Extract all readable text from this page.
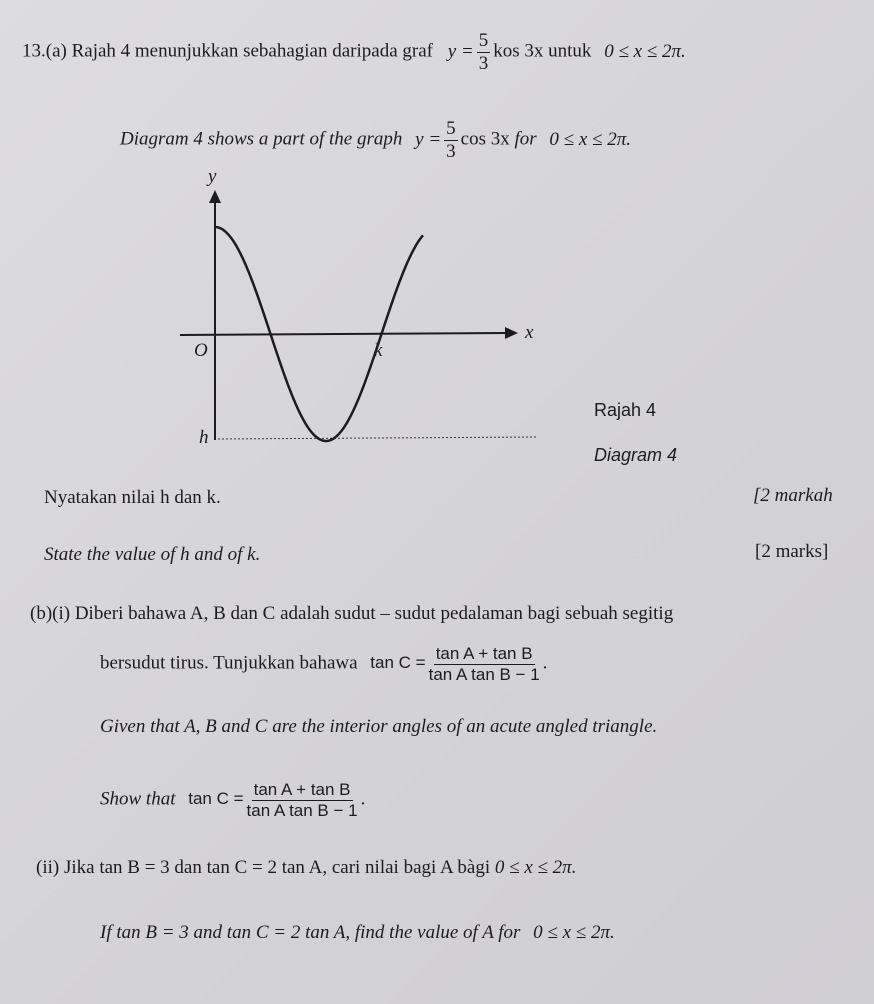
13.(a) Rajah 4 menunjukkan sebahagian daripada graf $y = \frac{5}{3}$ kos 3x untuk 0 ≤ x ≤ 2π.
Diagram 4 shows a part of the graph $y = \frac{5}{3}$ cos 3x for 0 ≤ x ≤ 2π.
y
x
O	k
h
Rajah 4
Diagram 4
Nyatakan nilai h dan k.	[2 markah
State the value of h and of k.	[2 marks]
(b)(i) Diberi bahawa A, B dan C adalah sudut – sudut pedalaman bagi sebuah segitig
bersudut tirus. Tunjukkan bahawa $\tan C = \frac{\text{tan A + tan B}}{\text{tan A tan B − 1}}$ .
Given that A, B and C are the interior angles of an acute angled triangle.
Show that $\tan C = \frac{\text{tan A + tan B}}{\text{tan A tan B − 1}}$ .
(ii) Jika tan B = 3 dan tan C = 2 tan A, cari nilai bagi A bàgi 0 ≤ x ≤ 2π.
If tan B = 3 and tan C = 2 tan A, find the value of A for 0 ≤ x ≤ 2π.
